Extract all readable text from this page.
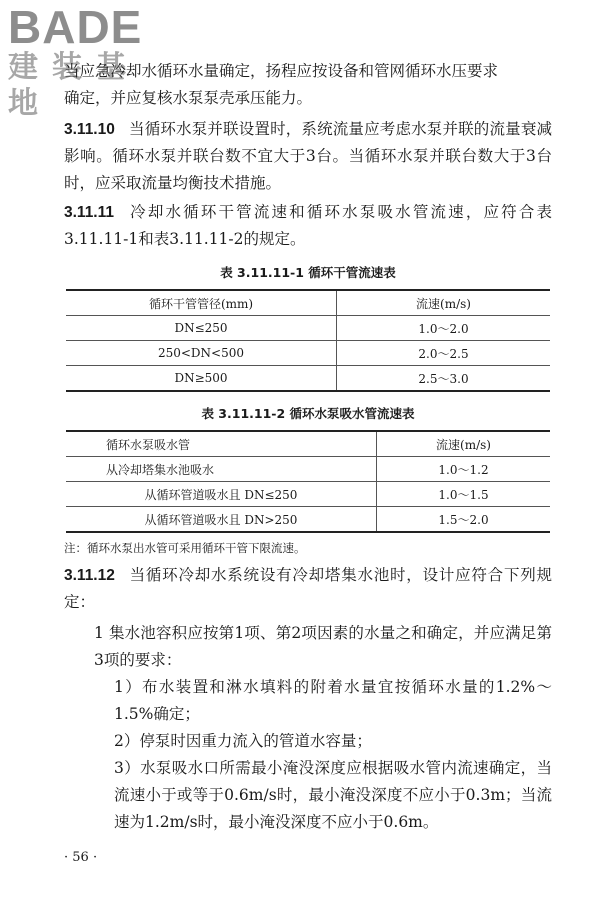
BADE
建装基地

当应急冷却水循环水量确定，扬程应按设备和管网循环水压要求

确定，并应复核水泵泵壳承压能力。

3.11.10 当循环水泵并联设置时，系统流量应考虑水泵并联的流量衰减影响。循环水泵并联台数不宜大于3台。当循环水泵并联台数大于3台时，应采取流量均衡技术措施。

3.11.11 冷却水循环干管流速和循环水泵吸水管流速，应符合表3.11.11-1和表3.11.11-2的规定。

表 3.11.11-1 循环干管流速表
循环干管管径(mm)	流速(m/s)
DN≤250	1.0～2.0
250<DN<500	2.0～2.5
DN≥500	2.5～3.0
表 3.11.11-2 循环水泵吸水管流速表
循环水泵吸水管	流速(m/s)
从冷却塔集水池吸水	1.0～1.2
从循环管道吸水且 DN≤250	1.0～1.5
从循环管道吸水且 DN>250	1.5～2.0
注：循环水泵出水管可采用循环干管下限流速。

3.11.12 当循环冷却水系统设有冷却塔集水池时，设计应符合下列规定：

1 集水池容积应按第1项、第2项因素的水量之和确定，并应满足第3项的要求：

1）布水装置和淋水填料的附着水量宜按循环水量的1.2%～1.5%确定；

2）停泵时因重力流入的管道水容量；

3）水泵吸水口所需最小淹没深度应根据吸水管内流速确定，当流速小于或等于0.6m/s时，最小淹没深度不应小于0.3m；当流速为1.2m/s时，最小淹没深度不应小于0.6m。

· 56 ·
